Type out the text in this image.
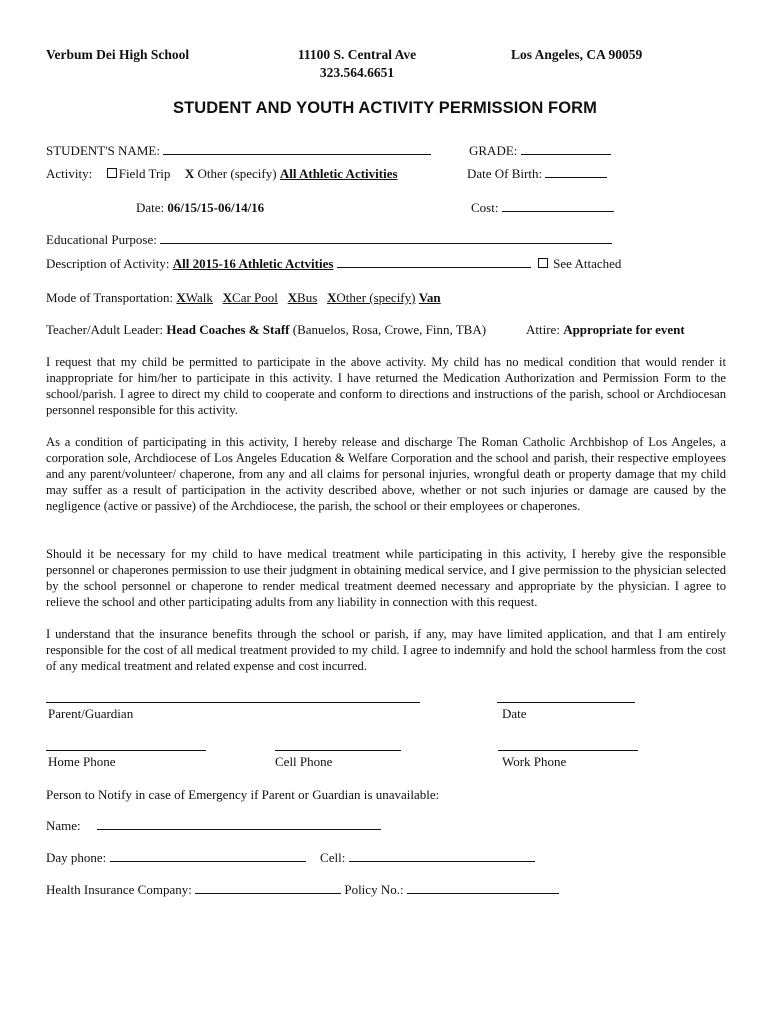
Verbum Dei High School	11100 S. Central Ave
323.564.6651
Los Angeles, CA 90059
STUDENT AND YOUTH ACTIVITY PERMISSION FORM
STUDENT'S NAME:	GRADE:
Activity: Field Trip X Other (specify) All Athletic Activities	Date Of Birth:
Date: 06/15/15-06/14/16	Cost:
Educational Purpose:
Description of Activity: All 2015-16 Athletic Actvities	See Attached
Mode of Transportation: XWalk XCar Pool XBus XOther (specify) Van
Teacher/Adult Leader: Head Coaches & Staff (Banuelos, Rosa, Crowe, Finn, TBA)	Attire: Appropriate for event
I request that my child be permitted to participate in the above activity. My child has no medical condition that would render it inappropriate for him/her to participate in this activity. I have returned the Medication Authorization and Permission Form to the school/parish. I agree to direct my child to cooperate and conform to directions and instructions of the parish, school or Archdiocesan personnel responsible for this activity.
As a condition of participating in this activity, I hereby release and discharge The Roman Catholic Archbishop of Los Angeles, a corporation sole, Archdiocese of Los Angeles Education & Welfare Corporation and the school and parish, their respective employees and any parent/volunteer/ chaperone, from any and all claims for personal injuries, wrongful death or property damage that my child may suffer as a result of participation in the activity described above, whether or not such injuries or damage are caused by the negligence (active or passive) of the Archdiocese, the parish, the school or their employees or chaperones.
Should it be necessary for my child to have medical treatment while participating in this activity, I hereby give the responsible personnel or chaperones permission to use their judgment in obtaining medical service, and I give permission to the physician selected by the school personnel or chaperone to render medical treatment deemed necessary and appropriate by the physician. I agree to relieve the school and other participating adults from any liability in connection with this request.
I understand that the insurance benefits through the school or parish, if any, may have limited application, and that I am entirely responsible for the cost of all medical treatment provided to my child. I agree to indemnify and hold the school harmless from the cost of any medical treatment and related expense and cost incurred.
Parent/Guardian	Date
Home Phone	Cell Phone	Work Phone
Person to Notify in case of Emergency if Parent or Guardian is unavailable:
Name:
Day phone:	Cell:
Health Insurance Company:	Policy No.:
